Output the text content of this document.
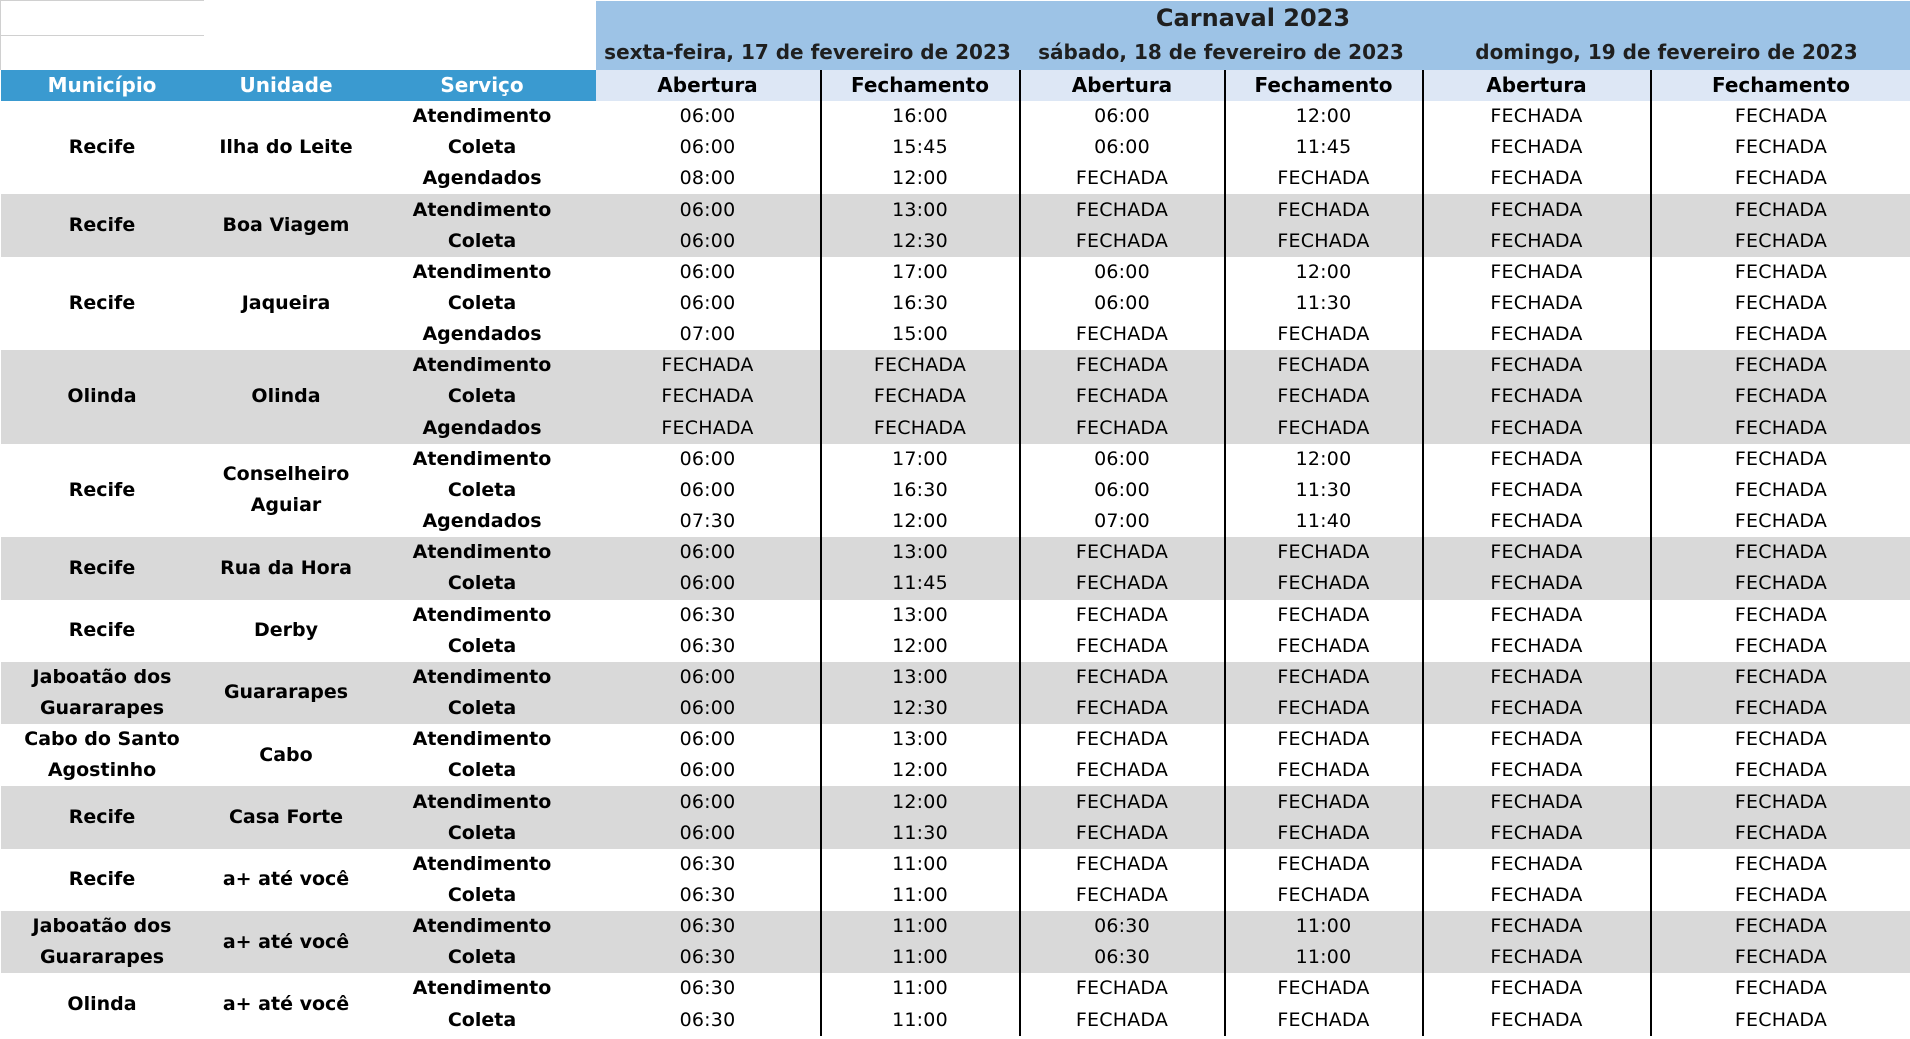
			Carnaval 2023					
			sexta-feira, 17 de fevereiro de 2023		sábado, 18 de fevereiro de 2023		domingo, 19 de fevereiro de 2023	
Município	Unidade	Serviço	Abertura	Fechamento	Abertura	Fechamento	Abertura	Fechamento
Recife	Ilha do Leite	Atendimento	06:00	16:00	06:00	12:00	FECHADA	FECHADA
		Coleta	06:00	15:45	06:00	11:45	FECHADA	FECHADA
		Agendados	08:00	12:00	FECHADA	FECHADA	FECHADA	FECHADA
Recife	Boa Viagem	Atendimento	06:00	13:00	FECHADA	FECHADA	FECHADA	FECHADA
		Coleta	06:00	12:30	FECHADA	FECHADA	FECHADA	FECHADA
Recife	Jaqueira	Atendimento	06:00	17:00	06:00	12:00	FECHADA	FECHADA
		Coleta	06:00	16:30	06:00	11:30	FECHADA	FECHADA
		Agendados	07:00	15:00	FECHADA	FECHADA	FECHADA	FECHADA
Olinda	Olinda	Atendimento	FECHADA	FECHADA	FECHADA	FECHADA	FECHADA	FECHADA
		Coleta	FECHADA	FECHADA	FECHADA	FECHADA	FECHADA	FECHADA
		Agendados	FECHADA	FECHADA	FECHADA	FECHADA	FECHADA	FECHADA
Recife	Conselheiro Aguiar	Atendimento	06:00	17:00	06:00	12:00	FECHADA	FECHADA
		Coleta	06:00	16:30	06:00	11:30	FECHADA	FECHADA
		Agendados	07:30	12:00	07:00	11:40	FECHADA	FECHADA
Recife	Rua da Hora	Atendimento	06:00	13:00	FECHADA	FECHADA	FECHADA	FECHADA
		Coleta	06:00	11:45	FECHADA	FECHADA	FECHADA	FECHADA
Recife	Derby	Atendimento	06:30	13:00	FECHADA	FECHADA	FECHADA	FECHADA
		Coleta	06:30	12:00	FECHADA	FECHADA	FECHADA	FECHADA
Jaboatão dos Guararapes	Guararapes	Atendimento	06:00	13:00	FECHADA	FECHADA	FECHADA	FECHADA
		Coleta	06:00	12:30	FECHADA	FECHADA	FECHADA	FECHADA
Cabo do Santo Agostinho	Cabo	Atendimento	06:00	13:00	FECHADA	FECHADA	FECHADA	FECHADA
		Coleta	06:00	12:00	FECHADA	FECHADA	FECHADA	FECHADA
Recife	Casa Forte	Atendimento	06:00	12:00	FECHADA	FECHADA	FECHADA	FECHADA
		Coleta	06:00	11:30	FECHADA	FECHADA	FECHADA	FECHADA
Recife	a+ até você	Atendimento	06:30	11:00	FECHADA	FECHADA	FECHADA	FECHADA
		Coleta	06:30	11:00	FECHADA	FECHADA	FECHADA	FECHADA
Jaboatão dos Guararapes	a+ até você	Atendimento	06:30	11:00	06:30	11:00	FECHADA	FECHADA
		Coleta	06:30	11:00	06:30	11:00	FECHADA	FECHADA
Olinda	a+ até você	Atendimento	06:30	11:00	FECHADA	FECHADA	FECHADA	FECHADA
		Coleta	06:30	11:00	FECHADA	FECHADA	FECHADA	FECHADA
